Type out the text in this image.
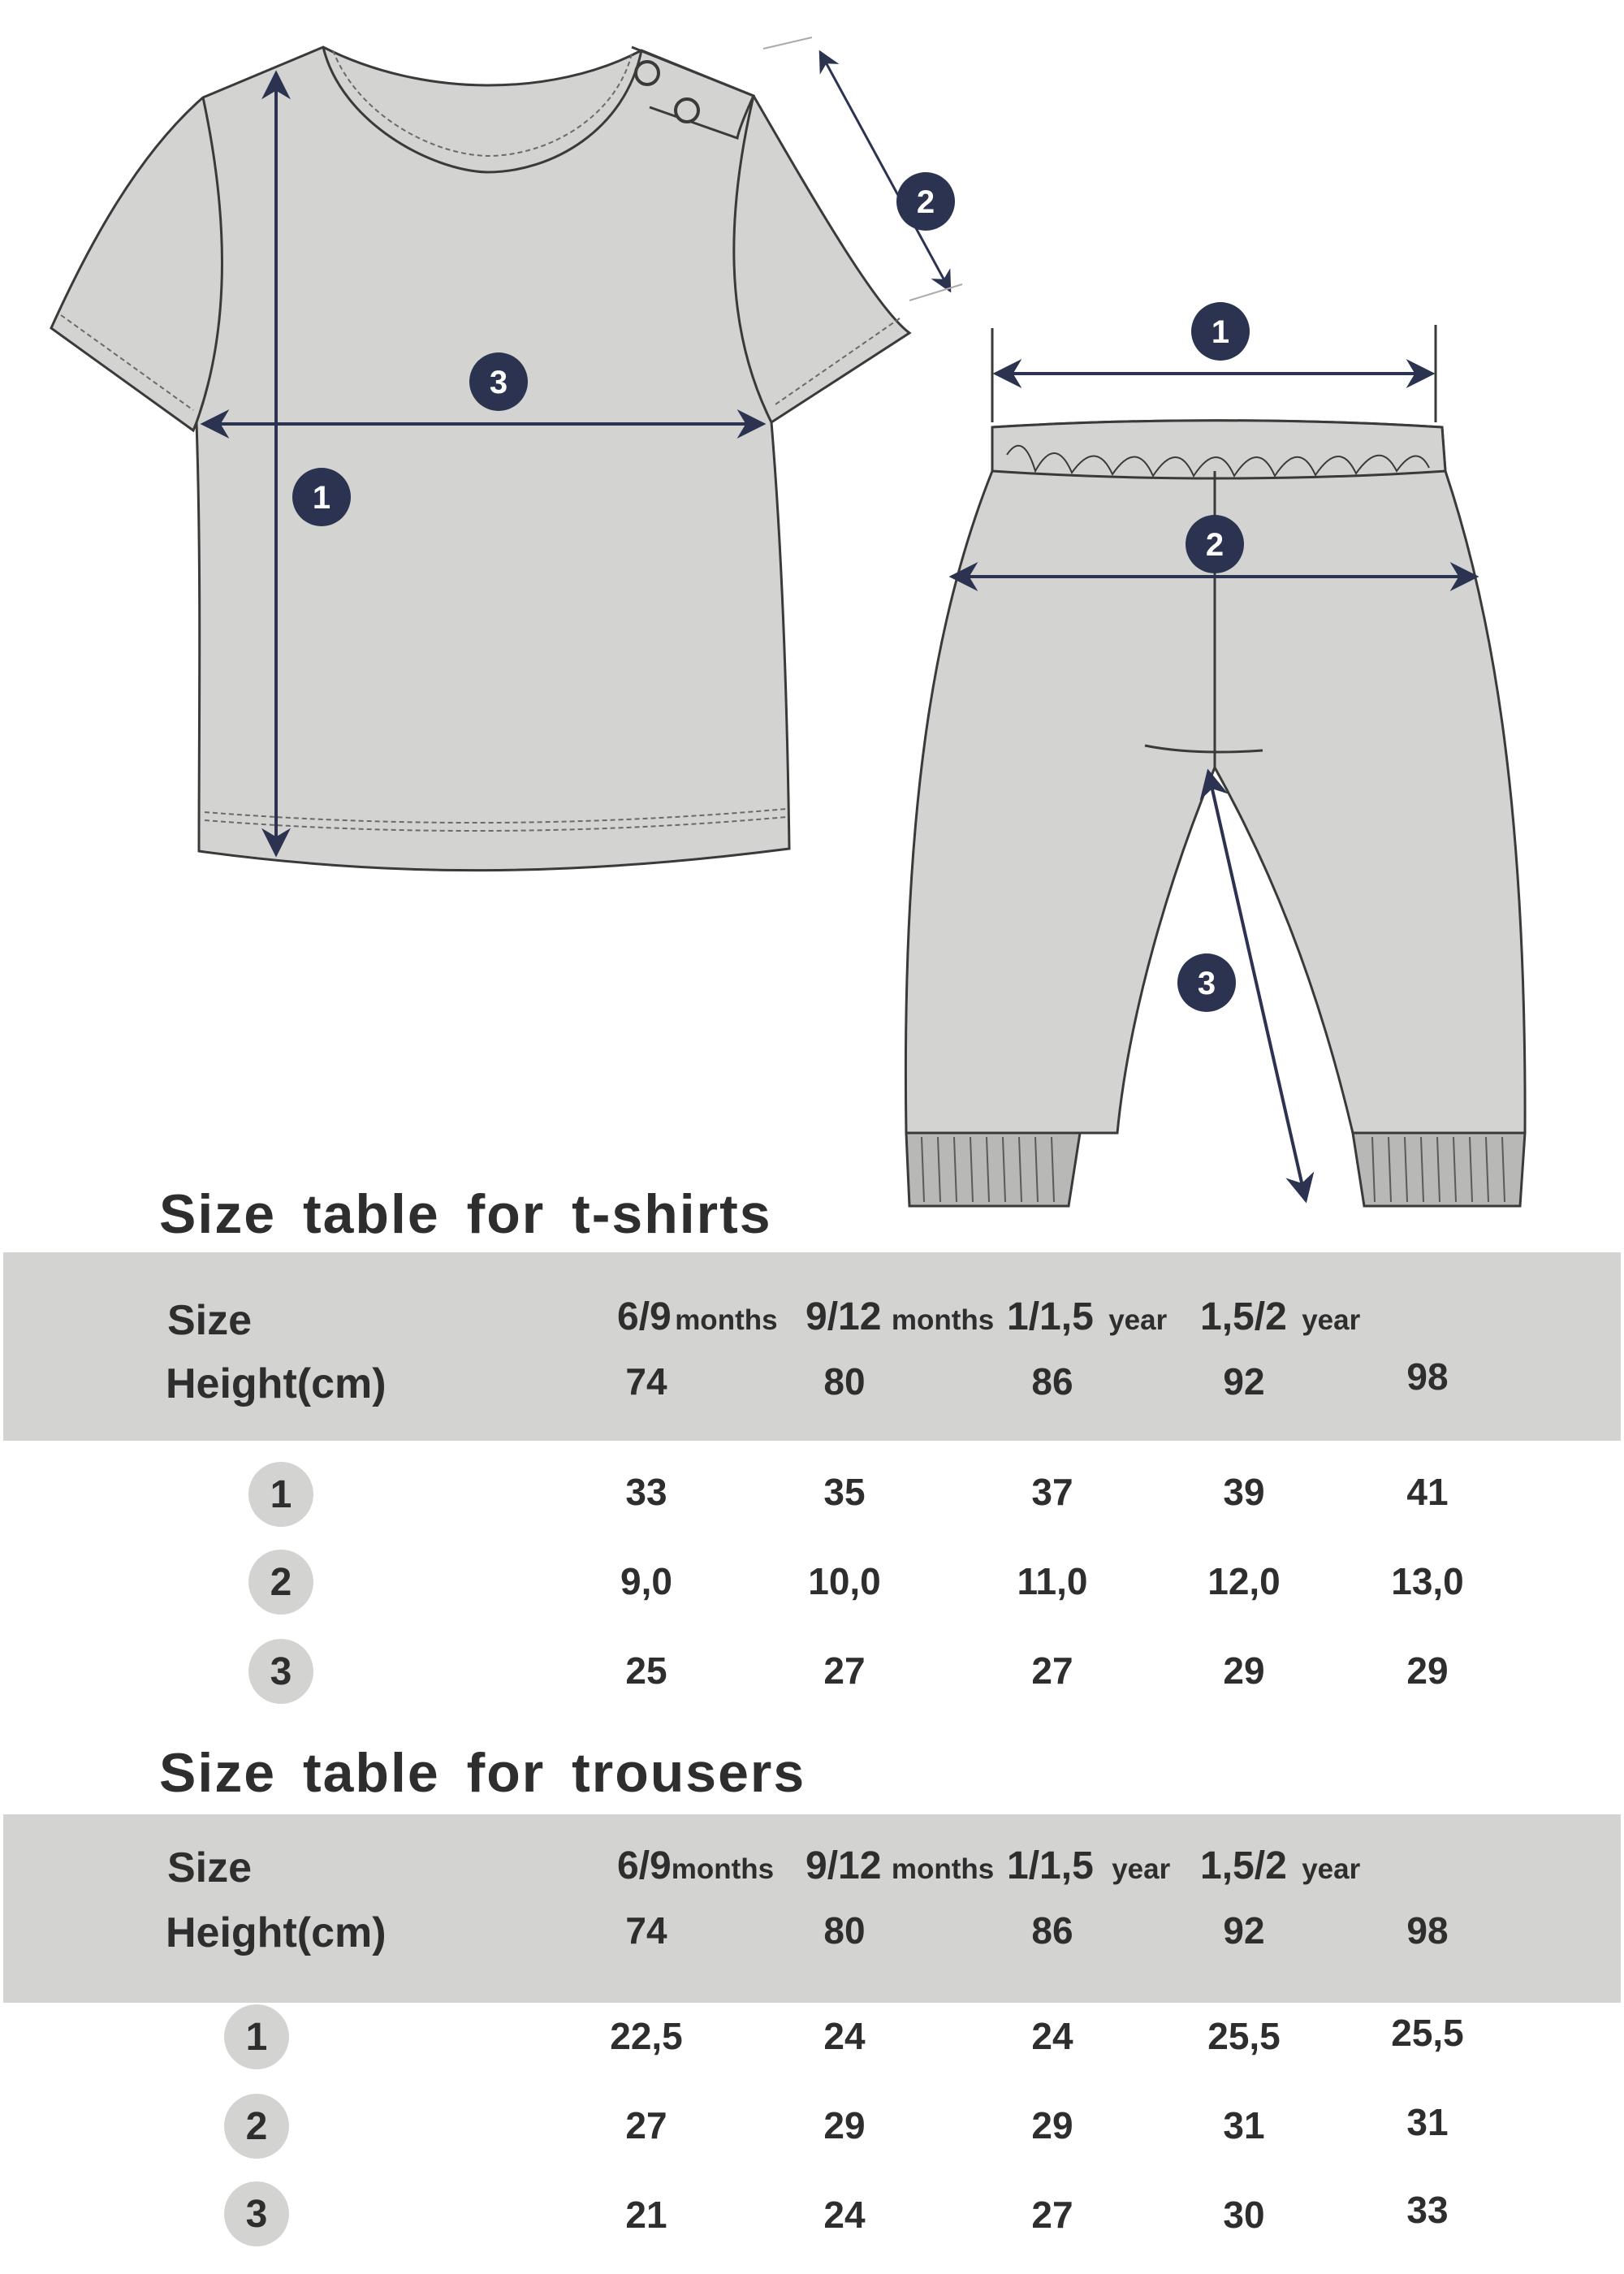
1
2
3
1
2
3
Size table for t-shirts
Size
Height(cm)
6/9 months 9/12 months 1/1,5 year 1,5/2 year
74	80	86	92	98
1	33	35	37	39	41
2	9,0	10,0	11,0	12,0	13,0
3	25	27	27	29	29
Size table for trousers
Size
Height(cm)
6/9months 9/12 months 1/1,5 year 1,5/2 year
74	80	86	92	98
1	22,5	24	24	25,5	25,5
2	27	29	29	31	31
3	21	24	27	30	33
